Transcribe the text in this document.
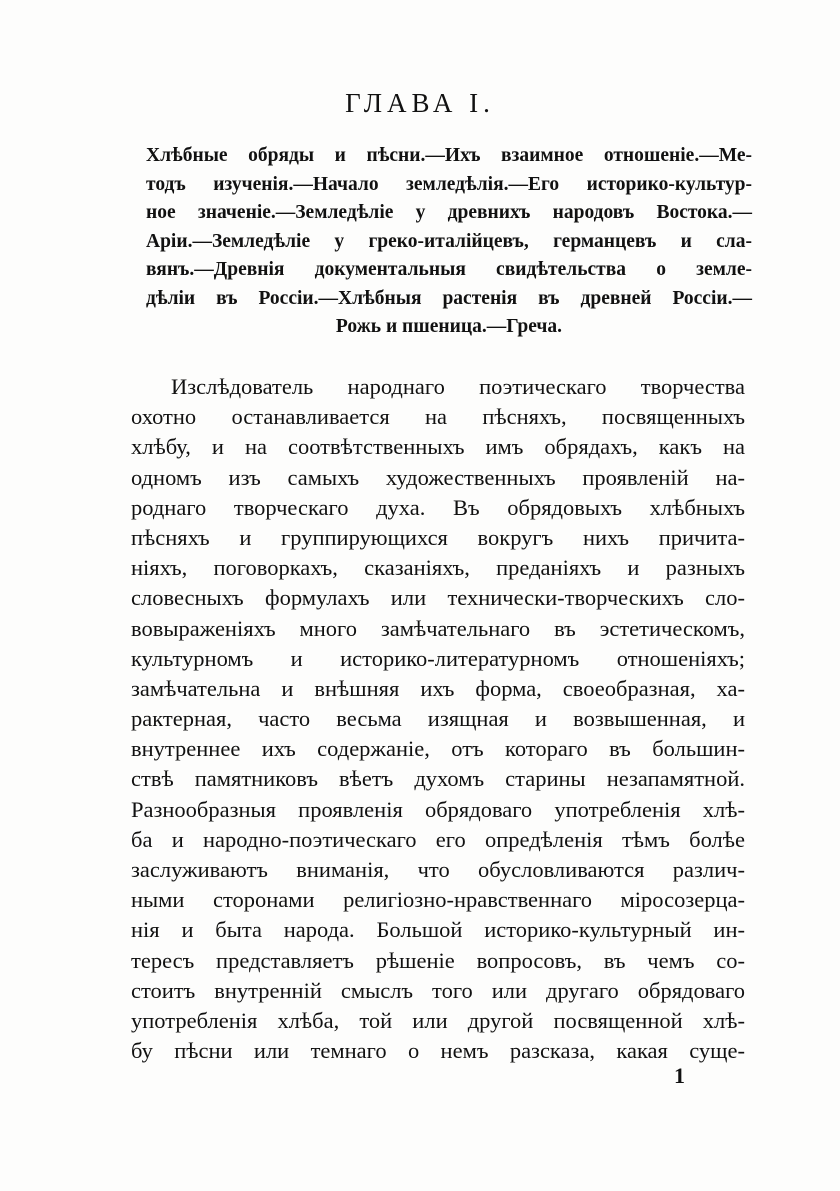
ГЛАВА I.
Хлѣбные обряды и пѣсни.—Ихъ взаимное отношеніе.—Ме-
тодъ изученія.—Начало земледѣлія.—Его историко-культур-
ное значеніе.—Земледѣліе у древнихъ народовъ Востока.—
Аріи.—Земледѣліе у греко-италійцевъ, германцевъ и сла-
вянъ.—Древнія документальныя свидѣтельства о земле-
дѣліи въ Россіи.—Хлѣбныя растенія въ древней Россіи.—
Рожь и пшеница.—Греча.
Изслѣдователь народнаго поэтическаго творчества
охотно останавливается на пѣсняхъ, посвященныхъ
хлѣбу, и на соотвѣтственныхъ имъ обрядахъ, какъ на
одномъ изъ самыхъ художественныхъ проявленій на-
роднаго творческаго духа. Въ обрядовыхъ хлѣбныхъ
пѣсняхъ и группирующихся вокругъ нихъ причита-
ніяхъ, поговоркахъ, сказаніяхъ, преданіяхъ и разныхъ
словесныхъ формулахъ или технически-творческихъ сло-
вовыраженіяхъ много замѣчательнаго въ эстетическомъ,
культурномъ и историко-литературномъ отношеніяхъ;
замѣчательна и внѣшняя ихъ форма, своеобразная, ха-
рактерная, часто весьма изящная и возвышенная, и
внутреннее ихъ содержаніе, отъ котораго въ большин-
ствѣ памятниковъ вѣетъ духомъ старины незапамятной.
Разнообразныя проявленія обрядоваго употребленія хлѣ-
ба и народно-поэтическаго его опредѣленія тѣмъ болѣе
заслуживаютъ вниманія, что обусловливаются различ-
ными сторонами религіозно-нравственнаго міросозерца-
нія и быта народа. Большой историко-культурный ин-
тересъ представляетъ рѣшеніе вопросовъ, въ чемъ со-
стоитъ внутренній смыслъ того или другаго обрядоваго
употребленія хлѣба, той или другой посвященной хлѣ-
бу пѣсни или темнаго о немъ разсказа, какая суще-
1
